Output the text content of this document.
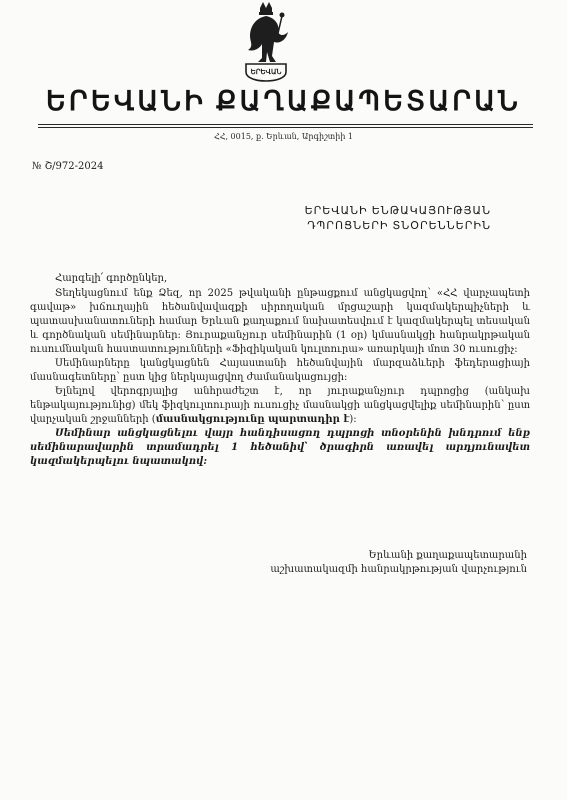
ԵՐԵՎԱՆ
ԵՐԵՎԱՆԻ ՔԱՂԱՔԱՊԵՏԱՐԱՆ
ՀՀ, 0015, ք. Երևան, Արգիշտիի 1
№ Շ/972-2024
ԵՐԵՎԱՆԻ ԵՆԹԱԿԱՅՈՒԹՅԱՆ
ԴՊՐՈՑՆԵՐԻ ՏՆՕՐԵՆՆԵՐԻՆ
Հարգելի՛ գործընկեր,

Տեղեկացնում ենք Ձեզ, որ 2025 թվականի ընթացքում անցկացվող՝ «ՀՀ վարչապետի գավաթ» խճուղային հեծանվավազքի սիրողական մրցաշարի կազմակերպիչների և պատասխանատուների համար Երևան քաղաքում նախատեսվում է կազմակերպել տեսական և գործնական սեմինարներ: Յուրաքանչյուր սեմինարին (1 օր) կմասնակցի հանրակրթական ուսումնական հաստատությունների «Ֆիզիկական կուլտուրա» առարկայի մոտ 30 ուսուցիչ:

Սեմինարները կանցկացնեն Հայաստանի հեծանվային մարզաձևերի ֆեդերացիայի մասնագետները՝ ըստ կից ներկայացվող ժամանակացույցի:

Ելնելով վերոգրյալից անհրաժեշտ է, որ յուրաքանչյուր դպրոցից (անկախ ենթակայությունից) մեկ ֆիզկուլտուրայի ուսուցիչ մասնակցի անցկացվելիք սեմինարին՝ ըստ վարչական շրջանների (մասնակցությունը պարտադիր է):

Սեմինար անցկացնելու վայր հանդիսացող դպրոցի տնօրենին խնդրում ենք սեմինարավարին տրամադրել 1 հեծանիվ՝ ծրագիրն առավել արդյունավետ կազմակերպելու նպատակով:

Երևանի քաղաքապետարանի
աշխատակազմի հանրակրթության վարչություն
